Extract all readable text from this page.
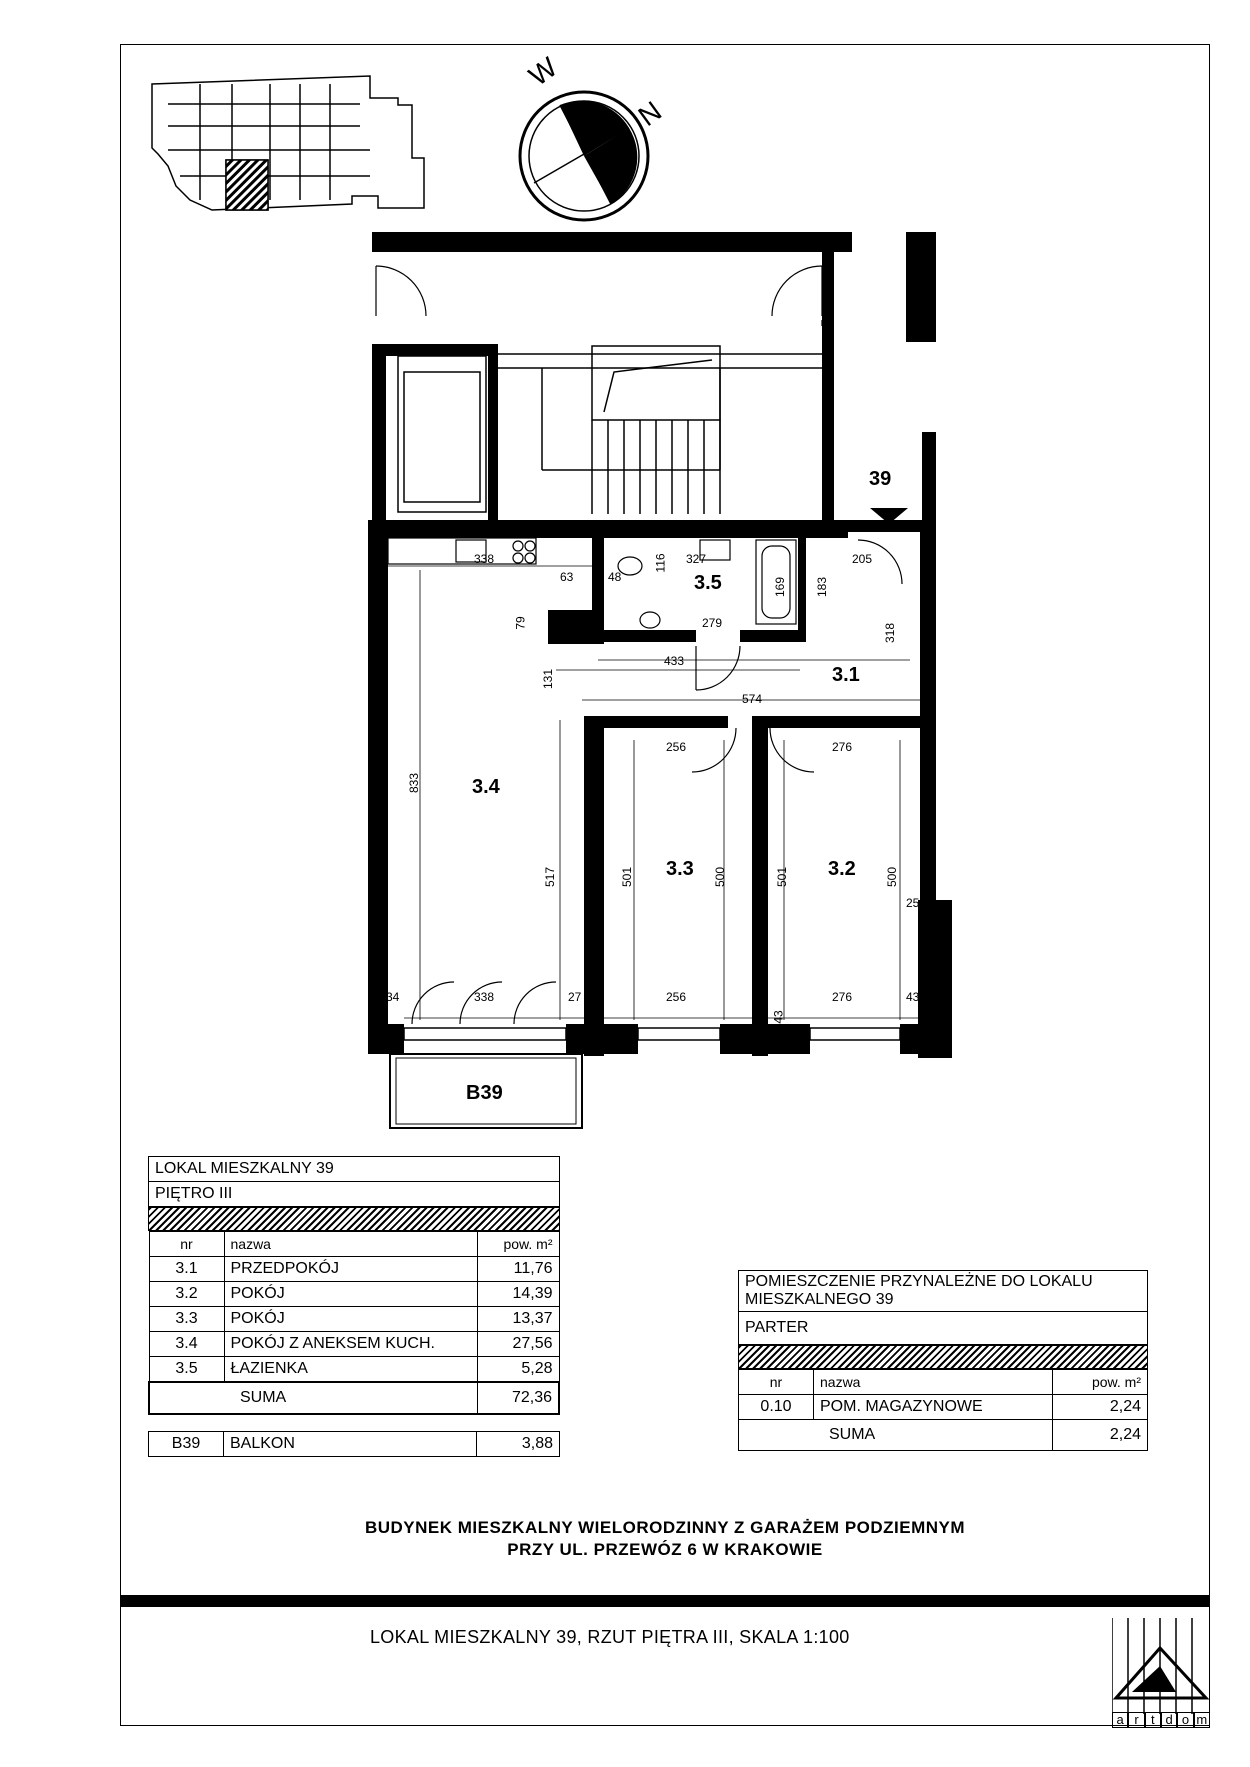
W
N
39
3.1
3.2
3.3
3.4
3.5
B39
338
63	48
116 327
169 183
205
34
79	279
433
131
318
574
256	276
833
517	501	500	501	500
25
34	338	27	256	276	43
43
LOKAL MIESZKALNY 39
PIĘTRO III
nr	nazwa	pow. m²
3.1	PRZEDPOKÓJ	11,76
3.2	POKÓJ	14,39
3.3	POKÓJ	13,37
3.4	POKÓJ Z ANEKSEM KUCH.	27,56
3.5	ŁAZIENKA	5,28
SUMA		72,36
B39	BALKON	3,88
POMIESZCZENIE PRZYNALEŻNE DO LOKALU
MIESZKALNEGO 39

PARTER
nr	nazwa	pow. m²
0.10	POM. MAGAZYNOWE	2,24
SUMA		2,24
BUDYNEK MIESZKALNY WIELORODZINNY Z GARAŻEM PODZIEMNYM
PRZY UL. PRZEWÓZ 6 W KRAKOWIE
LOKAL MIESZKALNY 39, RZUT PIĘTRA III, SKALA 1:100
a r t d o m
